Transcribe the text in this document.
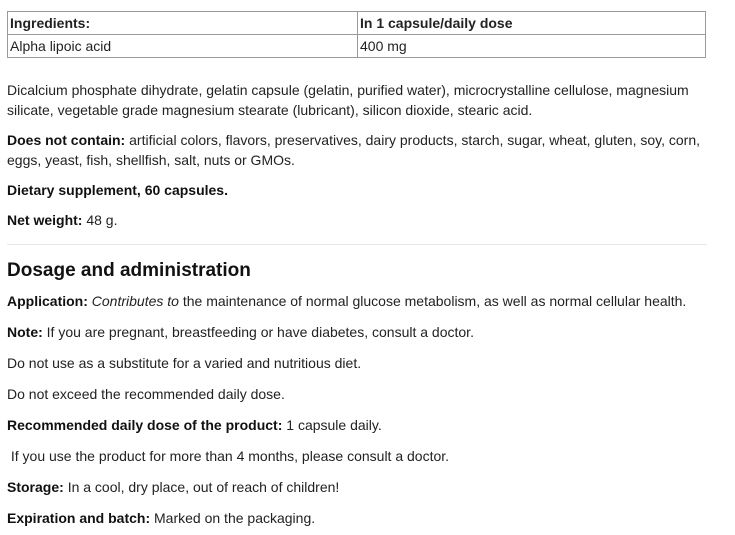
Ingredients:	In 1 capsule/daily dose
Alpha lipoic acid	400 mg

Dicalcium phosphate dihydrate, gelatin capsule (gelatin, purified water), microcrystalline cellulose, magnesium silicate, vegetable grade magnesium stearate (lubricant), silicon dioxide, stearic acid.

Does not contain: artificial colors, flavors, preservatives, dairy products, starch, sugar, wheat, gluten, soy, corn, eggs, yeast, fish, shellfish, salt, nuts or GMOs.

Dietary supplement, 60 capsules.

Net weight: 48 g.

Dosage and administration

Application: Contributes to the maintenance of normal glucose metabolism, as well as normal cellular health.

Note: If you are pregnant, breastfeeding or have diabetes, consult a doctor.

Do not use as a substitute for a varied and nutritious diet.

Do not exceed the recommended daily dose.

Recommended daily dose of the product: 1 capsule daily.

If you use the product for more than 4 months, please consult a doctor.

Storage: In a cool, dry place, out of reach of children!

Expiration and batch: Marked on the packaging.
